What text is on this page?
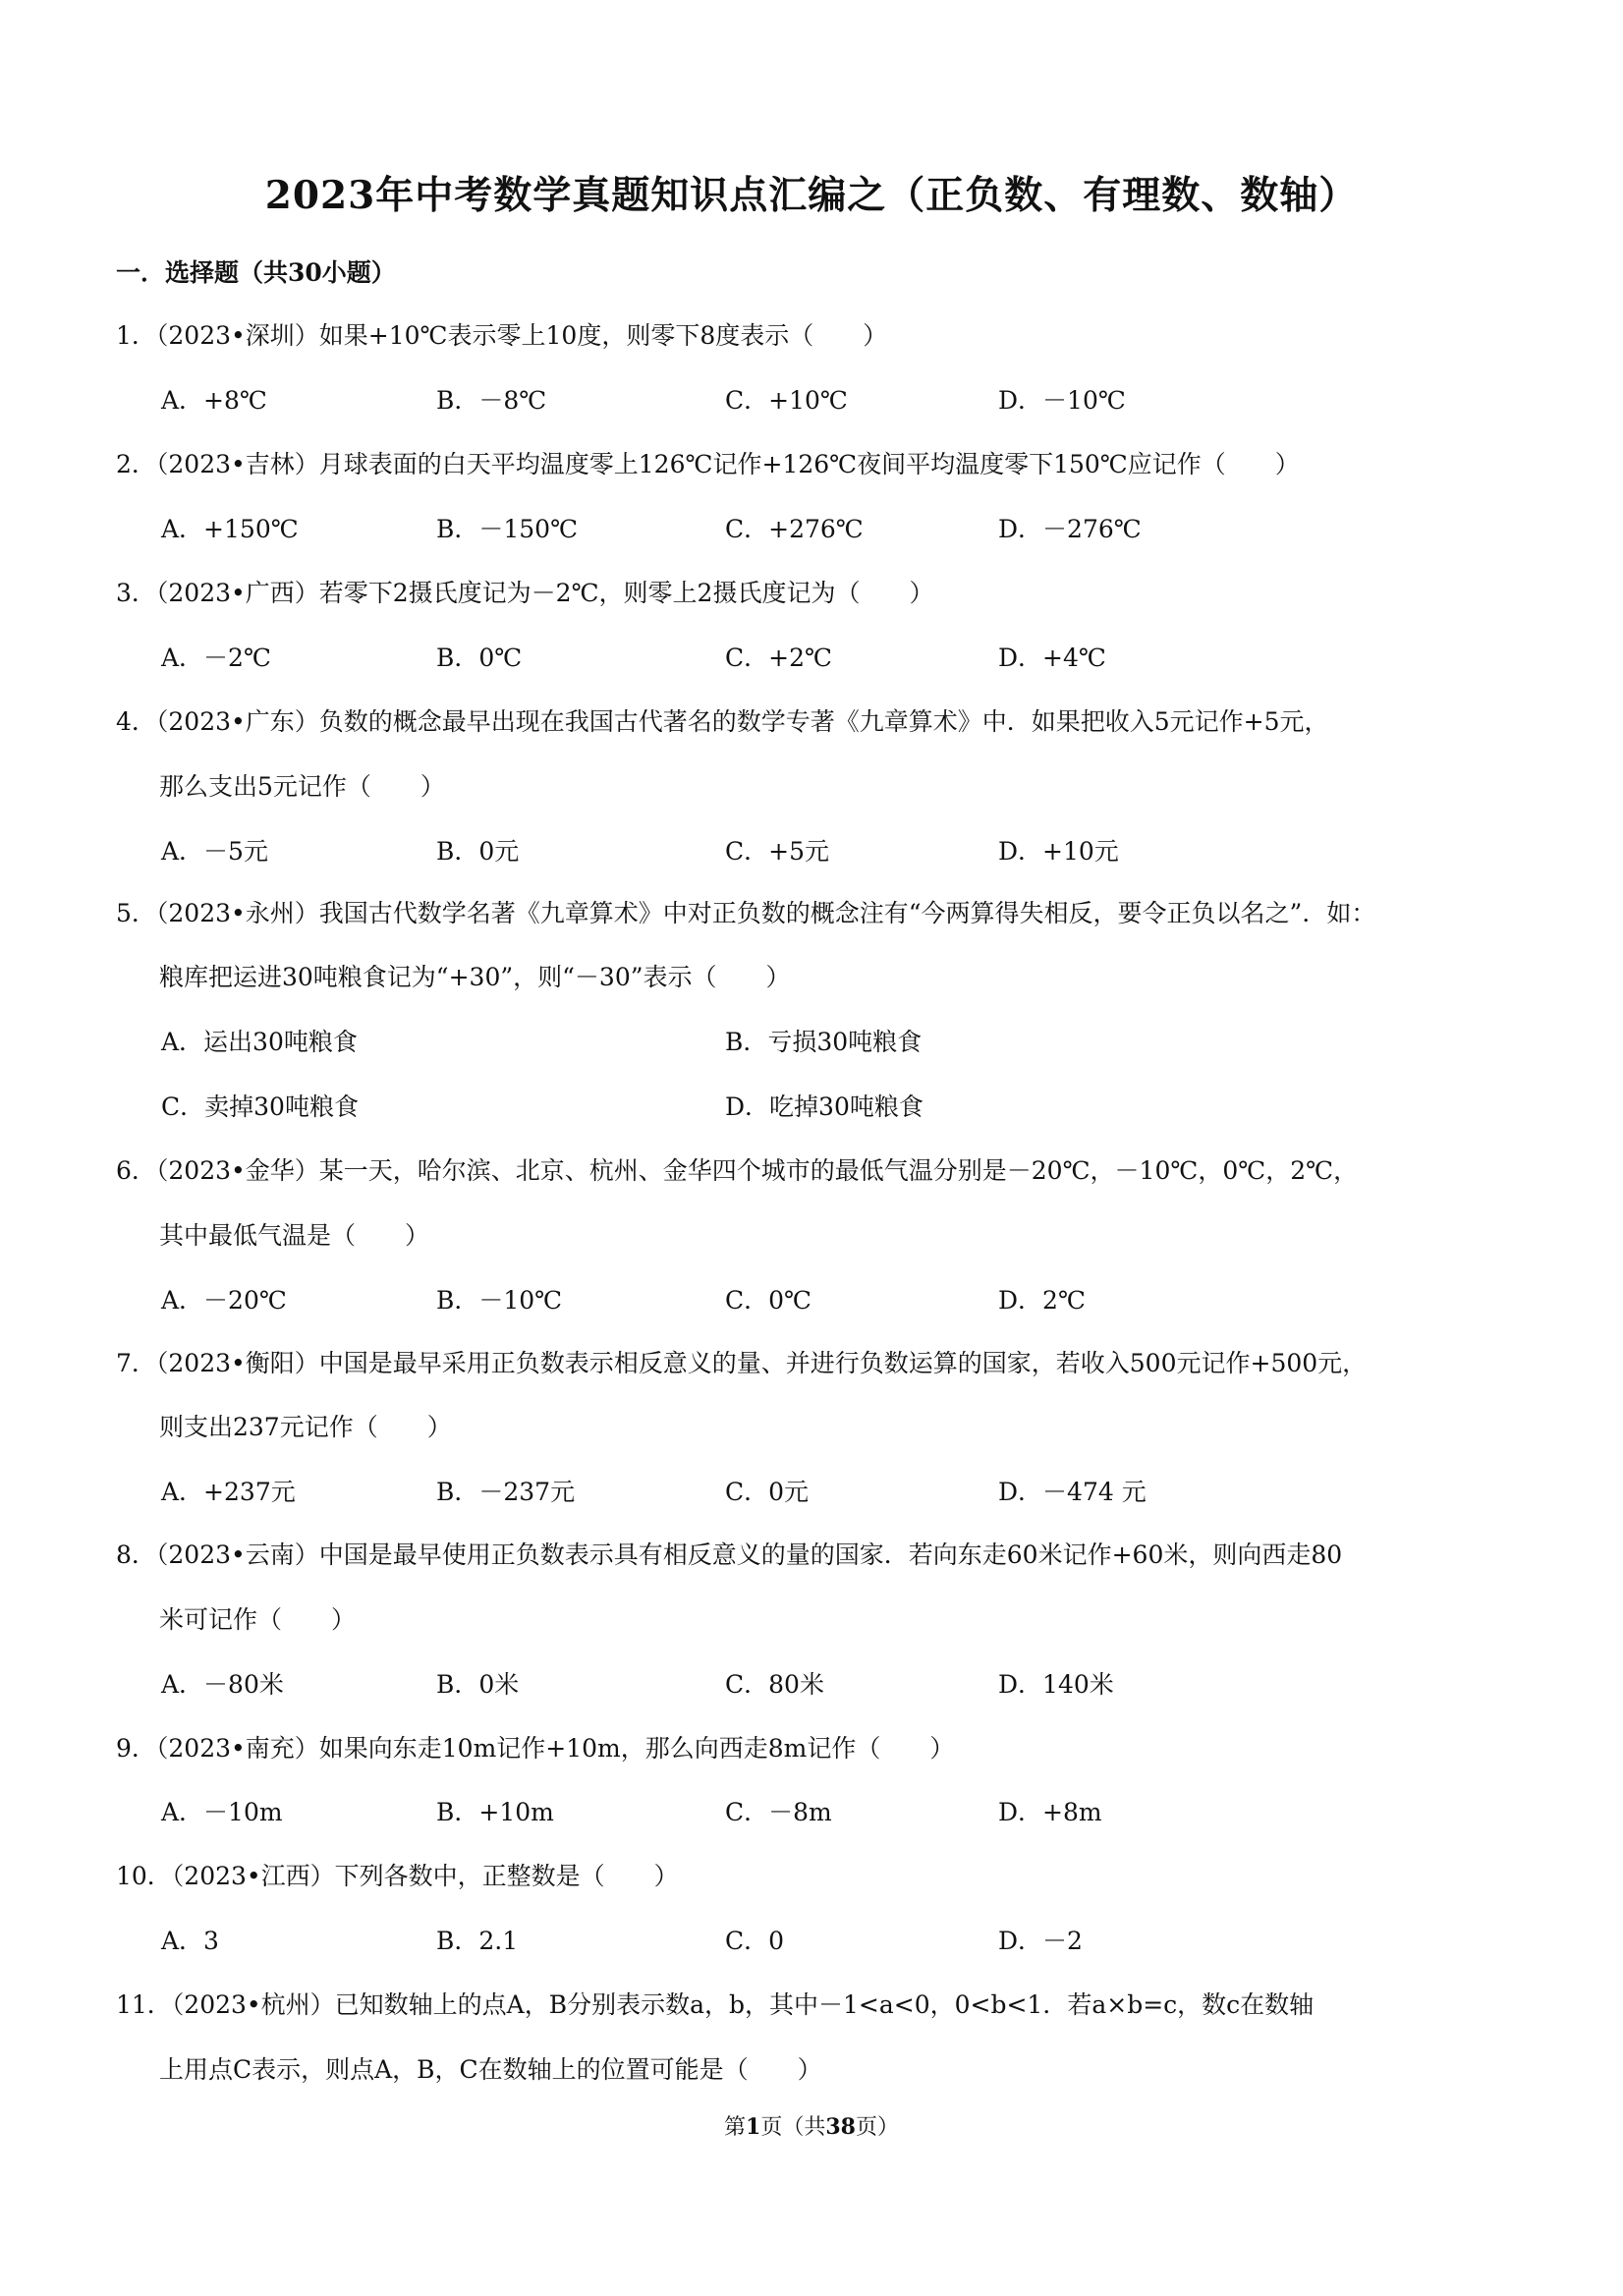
2023年中考数学真题知识点汇编之（正负数、有理数、数轴）
一．选择题（共30小题）
1．（2023•深圳）如果+10℃表示零上10度，则零下8度表示（　　）
A．+8℃	B．－8℃	C．+10℃	D．－10℃
2．（2023•吉林）月球表面的白天平均温度零上126℃记作+126℃夜间平均温度零下150℃应记作（　　）
A．+150℃	B．－150℃	C．+276℃	D．－276℃
3．（2023•广西）若零下2摄氏度记为－2℃，则零上2摄氏度记为（　　）
A．－2℃	B．0℃	C．+2℃	D．+4℃
4．（2023•广东）负数的概念最早出现在我国古代著名的数学专著《九章算术》中．如果把收入5元记作+5元，
那么支出5元记作（　　）
A．－5元	B．0元	C．+5元	D．+10元
5．（2023•永州）我国古代数学名著《九章算术》中对正负数的概念注有“今两算得失相反，要令正负以名之”．如：
粮库把运进30吨粮食记为“+30”，则“－30”表示（　　）
A．运出30吨粮食	B．亏损30吨粮食
C．卖掉30吨粮食	D．吃掉30吨粮食
6．（2023•金华）某一天，哈尔滨、北京、杭州、金华四个城市的最低气温分别是－20℃，－10℃，0℃，2℃，
其中最低气温是（　　）
A．－20℃	B．－10℃	C．0℃	D．2℃
7．（2023•衡阳）中国是最早采用正负数表示相反意义的量、并进行负数运算的国家，若收入500元记作+500元，
则支出237元记作（　　）
A．+237元	B．－237元	C．0元	D．－474 元
8．（2023•云南）中国是最早使用正负数表示具有相反意义的量的国家．若向东走60米记作+60米，则向西走80
米可记作（　　）
A．－80米	B．0米	C．80米	D．140米
9．（2023•南充）如果向东走10m记作+10m，那么向西走8m记作（　　）
A．－10m	B．+10m	C．－8m	D．+8m
10．（2023•江西）下列各数中，正整数是（　　）
A．3	B．2.1	C．0	D．－2
11．（2023•杭州）已知数轴上的点A，B分别表示数a，b，其中－1<a<0，0<b<1．若a×b=c，数c在数轴
上用点C表示，则点A，B，C在数轴上的位置可能是（　　）
第1页（共38页）
